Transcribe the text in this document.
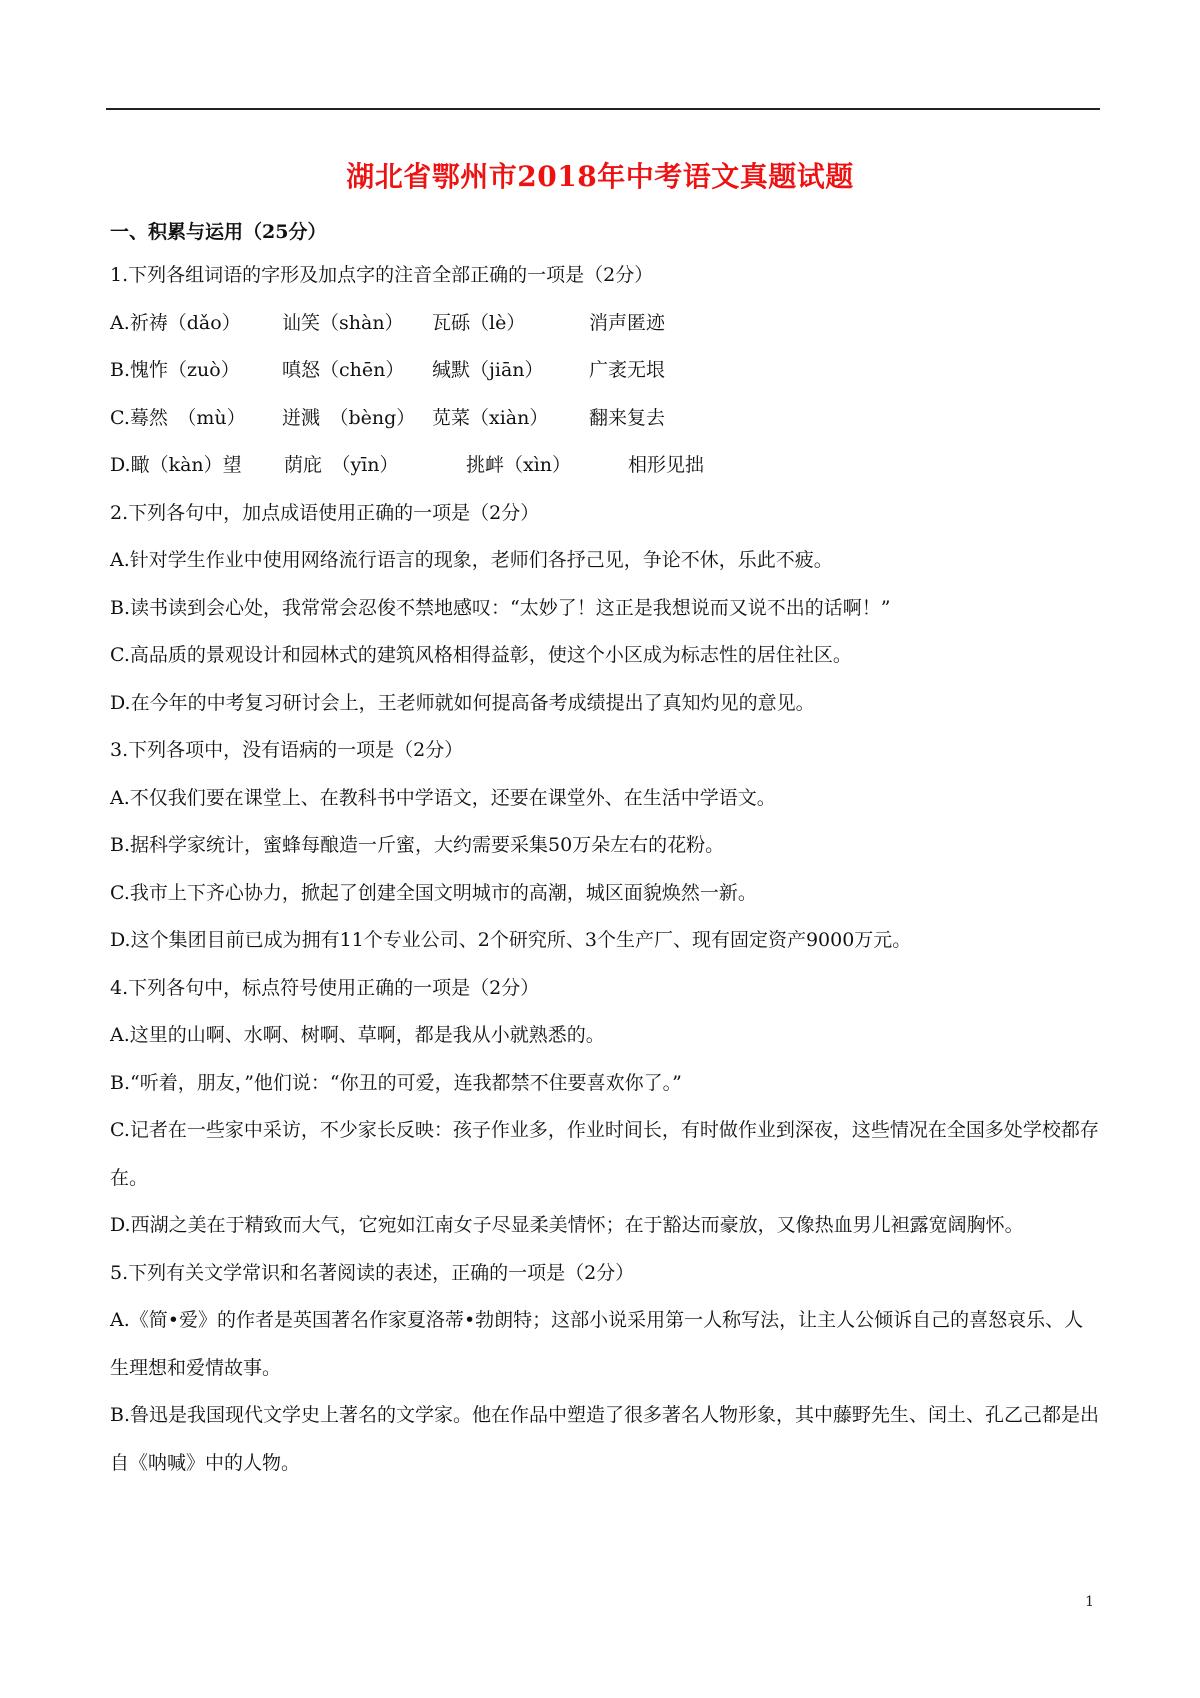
湖北省鄂州市2018年中考语文真题试题
一、积累与运用（25分）
1.下列各组词语的字形及加点字的注音全部正确的一项是（2分）
A.祈祷（dǎo）	讪笑（shàn）	瓦砾（lè）	消声匿迹
B.愧怍（zuò）	嗔怒（chēn）	缄默（jiān）	广袤无垠
C.蓦然　（mù）	迸溅　（bèng） 苋菜（xiàn）	翻来复去
D.瞰（kàn）望	荫庇　（yīn）	　挑衅（xìn）	　相形见拙
2.下列各句中，加点成语使用正确的一项是（2分）
A.针对学生作业中使用网络流行语言的现象，老师们各抒己见，争论不休，乐此不疲。
B.读书读到会心处，我常常会忍俊不禁地感叹：“太妙了！这正是我想说而又说不出的话啊！”
C.高品质的景观设计和园林式的建筑风格相得益彰，使这个小区成为标志性的居住社区。
D.在今年的中考复习研讨会上，王老师就如何提高备考成绩提出了真知灼见的意见。
3.下列各项中，没有语病的一项是（2分）
A.不仅我们要在课堂上、在教科书中学语文，还要在课堂外、在生活中学语文。
B.据科学家统计，蜜蜂每酿造一斤蜜，大约需要采集50万朵左右的花粉。
C.我市上下齐心协力，掀起了创建全国文明城市的高潮，城区面貌焕然一新。
D.这个集团目前已成为拥有11个专业公司、2个研究所、3个生产厂、现有固定资产9000万元。
4.下列各句中，标点符号使用正确的一项是（2分）
A.这里的山啊、水啊、树啊、草啊，都是我从小就熟悉的。
B.“听着，朋友，”他们说：“你丑的可爱，连我都禁不住要喜欢你了。”
C.记者在一些家中采访，不少家长反映：孩子作业多，作业时间长，有时做作业到深夜，这些情况在全国多处学校都存在。
D.西湖之美在于精致而大气，它宛如江南女子尽显柔美情怀；在于豁达而豪放，又像热血男儿袒露宽阔胸怀。
5.下列有关文学常识和名著阅读的表述，正确的一项是（2分）
A.《简•爱》的作者是英国著名作家夏洛蒂•勃朗特；这部小说采用第一人称写法，让主人公倾诉自己的喜怒哀乐、人生理想和爱情故事。
B.鲁迅是我国现代文学史上著名的文学家。他在作品中塑造了很多著名人物形象，其中藤野先生、闰土、孔乙己都是出自《呐喊》中的人物。
1
